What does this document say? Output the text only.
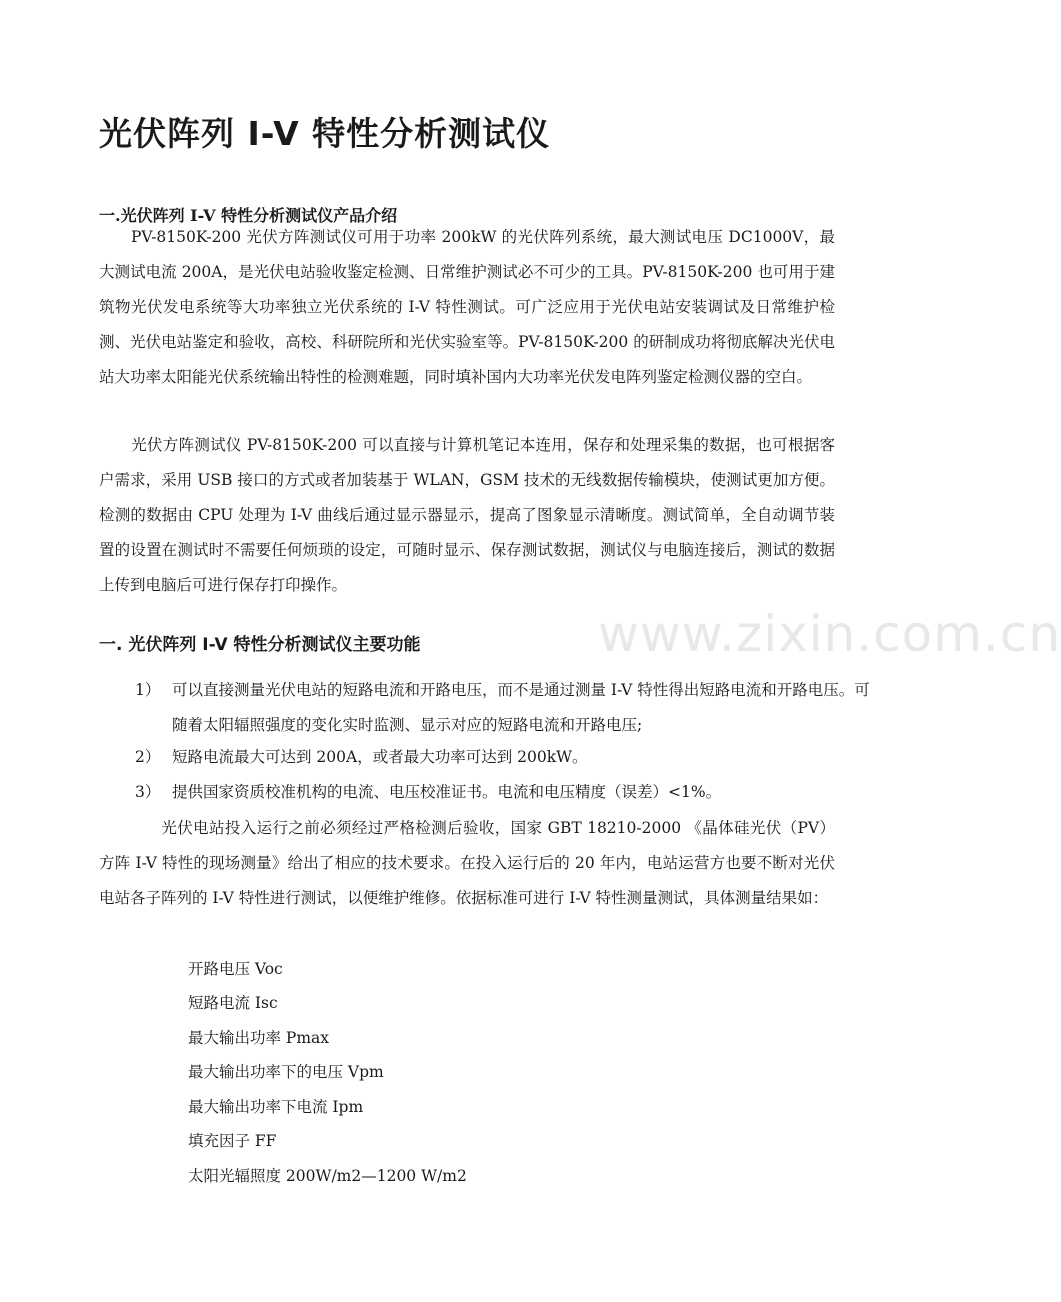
www.zixin.com.cn
光伏阵列 I-V 特性分析测试仪
一.光伏阵列 I-V 特性分析测试仪产品介绍
PV-8150K-200 光伏方阵测试仪可用于功率 200kW 的光伏阵列系统，最大测试电压 DC1000V，最大测试电流 200A，是光伏电站验收鉴定检测、日常维护测试必不可少的工具。PV-8150K-200 也可用于建筑物光伏发电系统等大功率独立光伏系统的 I-V 特性测试。可广泛应用于光伏电站安装调试及日常维护检测、光伏电站鉴定和验收，高校、科研院所和光伏实验室等。PV-8150K-200 的研制成功将彻底解决光伏电站大功率太阳能光伏系统输出特性的检测难题，同时填补国内大功率光伏发电阵列鉴定检测仪器的空白。
光伏方阵测试仪 PV-8150K-200 可以直接与计算机笔记本连用，保存和处理采集的数据，也可根据客户需求，采用 USB 接口的方式或者加装基于 WLAN，GSM 技术的无线数据传输模块，使测试更加方便。检测的数据由 CPU 处理为 I-V 曲线后通过显示器显示，提高了图象显示清晰度。测试简单，全自动调节装置的设置在测试时不需要任何烦琐的设定，可随时显示、保存测试数据，测试仪与电脑连接后，测试的数据上传到电脑后可进行保存打印操作。
一. 光伏阵列 I-V 特性分析测试仪主要功能
1） 可以直接测量光伏电站的短路电流和开路电压，而不是通过测量 I-V 特性得出短路电流和开路电压。可随着太阳辐照强度的变化实时监测、显示对应的短路电流和开路电压;
2） 短路电流最大可达到 200A，或者最大功率可达到 200kW。
3） 提供国家资质校准机构的电流、电压校准证书。电流和电压精度（误差）<1%。
光伏电站投入运行之前必须经过严格检测后验收，国家 GBT 18210-2000 《晶体硅光伏（PV）方阵 I-V 特性的现场测量》给出了相应的技术要求。在投入运行后的 20 年内，电站运营方也要不断对光伏电站各子阵列的 I-V 特性进行测试，以便维护维修。依据标准可进行 I-V 特性测量测试，具体测量结果如：
开路电压 Voc
短路电流 Isc
最大输出功率 Pmax
最大输出功率下的电压 Vpm
最大输出功率下电流 Ipm
填充因子 FF
太阳光辐照度 200W/m2—1200 W/m2
